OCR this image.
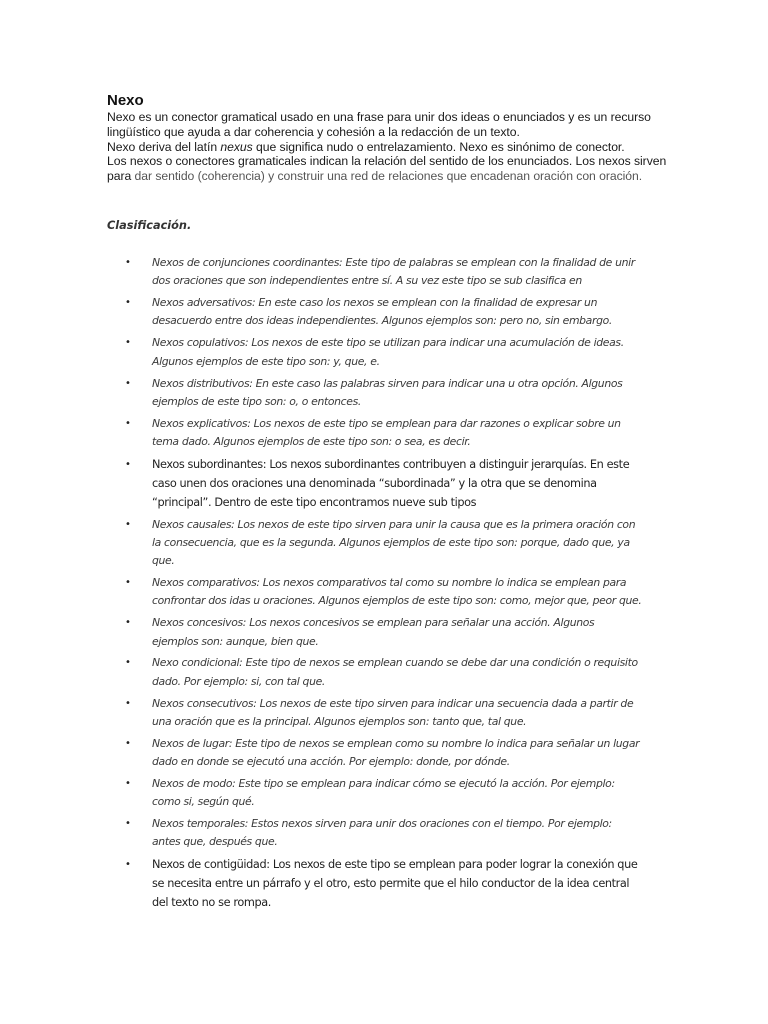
Nexo

Nexo es un conector gramatical usado en una frase para unir dos ideas o enunciados y es un recurso lingüístico que ayuda a dar coherencia y cohesión a la redacción de un texto.
Nexo deriva del latín nexus que significa nudo o entrelazamiento. Nexo es sinónimo de conector.
Los nexos o conectores gramaticales indican la relación del sentido de los enunciados. Los nexos sirven para dar sentido (coherencia) y construir una red de relaciones que encadenan oración con oración.

Clasificación.

• Nexos de conjunciones coordinantes: Este tipo de palabras se emplean con la finalidad de unir dos oraciones que son independientes entre sí. A su vez este tipo se sub clasifica en
• Nexos adversativos: En este caso los nexos se emplean con la finalidad de expresar un desacuerdo entre dos ideas independientes. Algunos ejemplos son: pero no, sin embargo.
• Nexos copulativos: Los nexos de este tipo se utilizan para indicar una acumulación de ideas. Algunos ejemplos de este tipo son: y, que, e.
• Nexos distributivos: En este caso las palabras sirven para indicar una u otra opción. Algunos ejemplos de este tipo son: o, o entonces.
• Nexos explicativos: Los nexos de este tipo se emplean para dar razones o explicar sobre un tema dado. Algunos ejemplos de este tipo son: o sea, es decir.
• Nexos subordinantes: Los nexos subordinantes contribuyen a distinguir jerarquías. En este caso unen dos oraciones una denominada “subordinada” y la otra que se denomina “principal”. Dentro de este tipo encontramos nueve sub tipos
• Nexos causales: Los nexos de este tipo sirven para unir la causa que es la primera oración con la consecuencia, que es la segunda. Algunos ejemplos de este tipo son: porque, dado que, ya que.
• Nexos comparativos: Los nexos comparativos tal como su nombre lo indica se emplean para confrontar dos idas u oraciones. Algunos ejemplos de este tipo son: como, mejor que, peor que.
• Nexos concesivos: Los nexos concesivos se emplean para señalar una acción. Algunos ejemplos son: aunque, bien que.
• Nexo condicional: Este tipo de nexos se emplean cuando se debe dar una condición o requisito dado. Por ejemplo: si, con tal que.
• Nexos consecutivos: Los nexos de este tipo sirven para indicar una secuencia dada a partir de una oración que es la principal. Algunos ejemplos son: tanto que, tal que.
• Nexos de lugar: Este tipo de nexos se emplean como su nombre lo indica para señalar un lugar dado en donde se ejecutó una acción. Por ejemplo: donde, por dónde.
• Nexos de modo: Este tipo se emplean para indicar cómo se ejecutó la acción. Por ejemplo: como si, según qué.
• Nexos temporales: Estos nexos sirven para unir dos oraciones con el tiempo. Por ejemplo: antes que, después que.
• Nexos de contigüidad: Los nexos de este tipo se emplean para poder lograr la conexión que se necesita entre un párrafo y el otro, esto permite que el hilo conductor de la idea central del texto no se rompa.
